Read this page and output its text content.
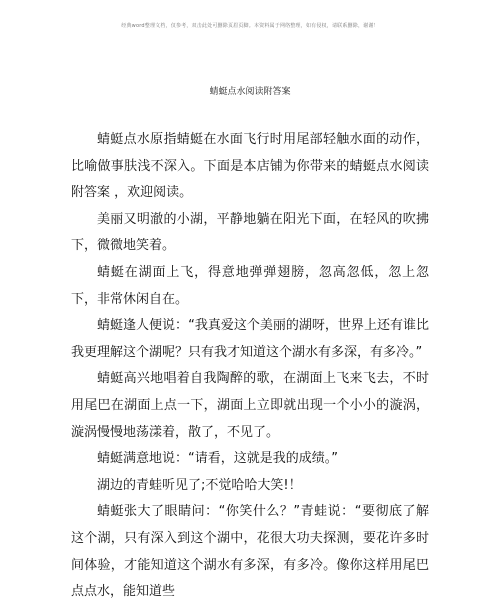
经典word整理文档，仅参考，双击此处可删除页眉页脚。本资料属于网络整理，如有侵权，请联系删除，谢谢！
蜻蜓点水阅读附答案

蜻蜓点水原指蜻蜓在水面飞行时用尾部轻触水面的动作，比喻做事肤浅不深入。下面是本店铺为你带来的蜻蜓点水阅读附答案 ，欢迎阅读。

美丽又明澈的小湖，平静地躺在阳光下面，在轻风的吹拂下，微微地笑着。

蜻蜓在湖面上飞，得意地弹弹翅膀，忽高忽低，忽上忽下，非常休闲自在。

蜻蜓逢人便说：“我真爱这个美丽的湖呀，世界上还有谁比我更理解这个湖呢？只有我才知道这个湖水有多深，有多冷。”

蜻蜓高兴地唱着自我陶醉的歌，在湖面上飞来飞去，不时用尾巴在湖面上点一下，湖面上立即就出现一个小小的漩涡，漩涡慢慢地荡漾着，散了，不见了。

蜻蜓满意地说：“请看，这就是我的成绩。”

湖边的青蛙听见了;不觉哈哈大笑!！

蜻蜓张大了眼睛问：“你笑什么？”青蛙说：“要彻底了解这个湖，只有深入到这个湖中，花很大功夫探测，要花许多时间体验，才能知道这个湖水有多深，有多冷。像你这样用尾巴点点水，能知道些
